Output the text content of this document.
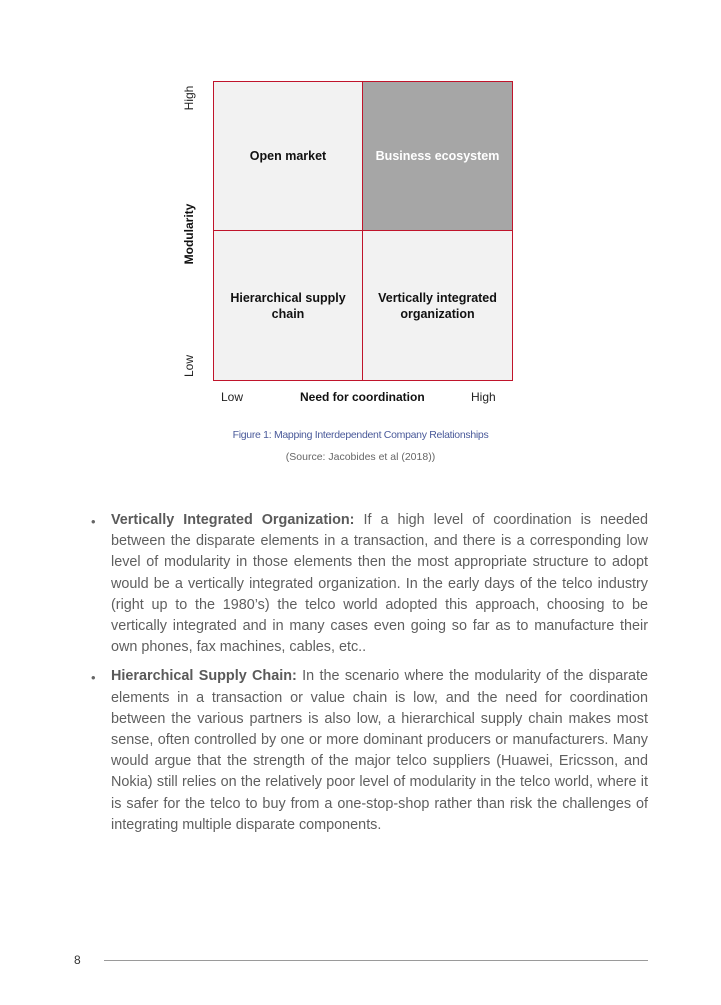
High
Modularity
Low
Open market	Business ecosystem
Hierarchical supply chain
Vertically integrated organization
Low	Need for coordination	High
Figure 1: Mapping Interdependent Company Relationships
(Source: Jacobides et al (2018))
• Vertically Integrated Organization: If a high level of coordination is needed between the disparate elements in a transaction, and there is a corresponding low level of modularity in those elements then the most appropriate structure to adopt would be a vertically integrated organization. In the early days of the telco industry (right up to the 1980’s) the telco world adopted this approach, choosing to be vertically integrated and in many cases even going so far as to manufacture their own phones, fax machines, cables, etc..
• Hierarchical Supply Chain: In the scenario where the modularity of the disparate elements in a transaction or value chain is low, and the need for coordination between the various partners is also low, a hierarchical supply chain makes most sense, often controlled by one or more dominant producers or manufacturers. Many would argue that the strength of the major telco suppliers (Huawei, Ericsson, and Nokia) still relies on the relatively poor level of modularity in the telco world, where it is safer for the telco to buy from a one-stop-shop rather than risk the challenges of integrating multiple disparate components.
8
